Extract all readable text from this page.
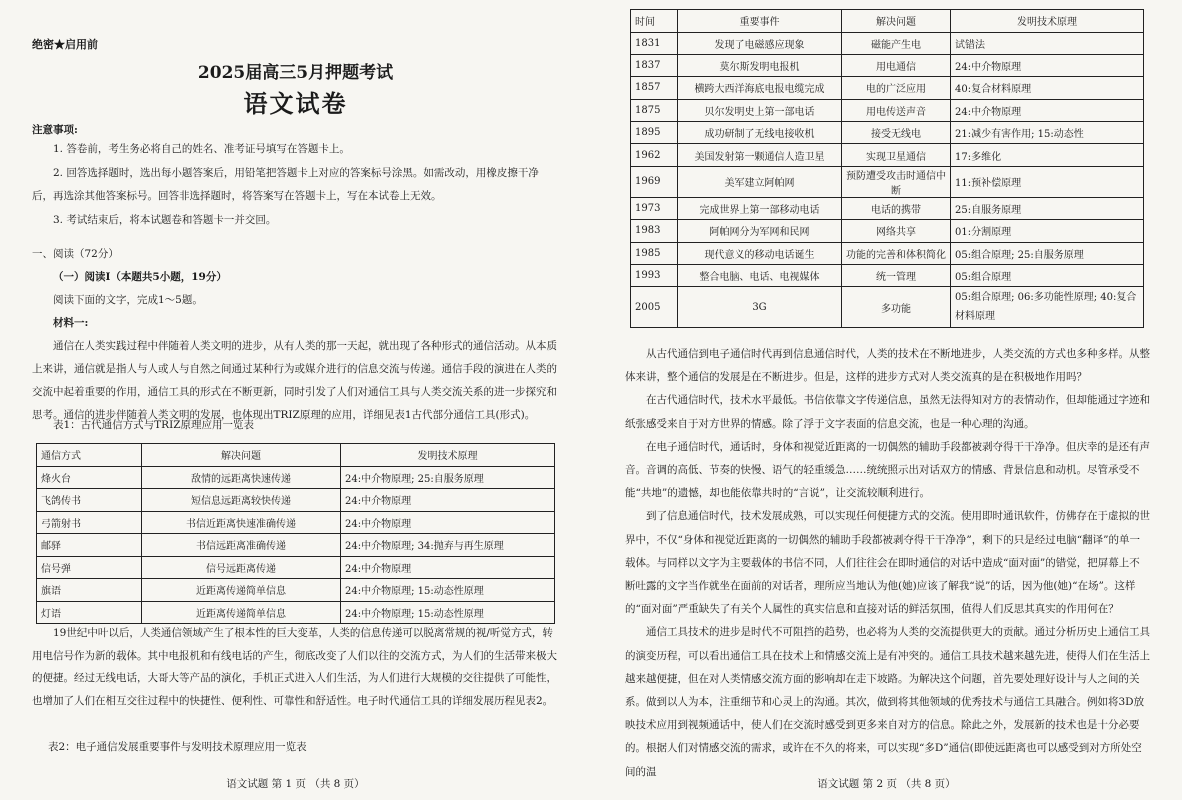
绝密★启用前
2025届高三5月押题考试
语文试卷
注意事项:

1. 答卷前，考生务必将自己的姓名、准考证号填写在答题卡上。

2. 回答选择题时，选出每小题答案后，用铅笔把答题卡上对应的答案标号涂黑。如需改动，用橡皮擦干净后，再选涂其他答案标号。回答非选择题时，将答案写在答题卡上，写在本试卷上无效。

3. 考试结束后，将本试题卷和答题卡一并交回。

一、阅读（72分）

（一）阅读Ⅰ（本题共5小题，19分）

阅读下面的文字，完成1～5题。

材料一:

通信在人类实践过程中伴随着人类文明的进步，从有人类的那一天起，就出现了各种形式的通信活动。从本质上来讲，通信就是指人与人或人与自然之间通过某种行为或媒介进行的信息交流与传递。通信手段的演进在人类的交流中起着重要的作用，通信工具的形式在不断更新，同时引发了人们对通信工具与人类交流关系的进一步探究和思考。通信的进步伴随着人类文明的发展，也体现出TRIZ原理的应用，详细见表1古代部分通信工具(形式)。

表1：古代通信方式与TRIZ原理应用一览表
通信方式	解决问题	发明技术原理
烽火台	敌情的远距离快速传递	24:中介物原理; 25:自服务原理
飞鸽传书	短信息远距离较快传递	24:中介物原理
弓箭射书	书信近距离快速准确传递	24:中介物原理
邮驿	书信远距离准确传递	24:中介物原理; 34:抛弃与再生原理
信号弹	信号远距离传递	24:中介物原理
旗语	近距离传递简单信息	24:中介物原理; 15:动态性原理
灯语	近距离传递简单信息	24:中介物原理; 15:动态性原理

19世纪中叶以后，人类通信领域产生了根本性的巨大变革，人类的信息传递可以脱离常规的视/听觉方式，转用电信号作为新的载体。其中电报机和有线电话的产生，彻底改变了人们以往的交流方式，为人们的生活带来极大的便捷。经过无线电话，大哥大等产品的演化，手机正式进入人们生活，为人们进行大规模的交往提供了可能性，也增加了人们在相互交往过程中的快捷性、便利性、可靠性和舒适性。电子时代通信工具的详细发展历程见表2。

表2：电子通信发展重要事件与发明技术原理应用一览表
语文试题 第 1 页 （共 8 页）
时间	重要事件	解决问题	发明技术原理
1831	发现了电磁感应现象	磁能产生电	试错法
1837	莫尔斯发明电报机	用电通信	24:中介物原理
1857	横跨大西洋海底电报电缆完成	电的广泛应用	40:复合材料原理
1875	贝尔发明史上第一部电话	用电传送声音	24:中介物原理
1895	成功研制了无线电接收机	接受无线电	21:减少有害作用; 15:动态性
1962	美国发射第一颗通信人造卫星	实现卫星通信	17:多维化
1969	美军建立阿帕网	预防遭受攻击时通信中断	11:预补偿原理
1973	完成世界上第一部移动电话	电话的携带	25:自服务原理
1983	阿帕网分为军网和民网	网络共享	01:分割原理
1985	现代意义的移动电话诞生	功能的完善和体积简化	05:组合原理; 25:自服务原理
1993	整合电脑、电话、电视媒体	统一管理	05:组合原理
2005	3G	多功能	05:组合原理; 06:多功能性原理; 40:复合材料原理

从古代通信到电子通信时代再到信息通信时代，人类的技术在不断地进步，人类交流的方式也多种多样。从整体来讲，整个通信的发展是在不断进步。但是，这样的进步方式对人类交流真的是在积极地作用吗？

在古代通信时代，技术水平最低。书信依靠文字传递信息，虽然无法得知对方的表情动作，但却能通过字迹和纸张感受来自于对方世界的情感。除了浮于文字表面的信息交流，也是一种心理的沟通。

在电子通信时代，通话时，身体和视觉近距离的一切偶然的辅助手段都被剥夺得干干净净。但庆幸的是还有声音。音调的高低、节奏的快慢、语气的轻重缓急……统统照示出对话双方的情感、背景信息和动机。尽管承受不能“共地”的遗憾，却也能依靠共时的“言说”，让交流较顺利进行。

到了信息通信时代，技术发展成熟，可以实现任何便捷方式的交流。使用即时通讯软件，仿佛存在于虚拟的世界中，不仅“身体和视觉近距离的一切偶然的辅助手段都被剥夺得干干净净”，剩下的只是经过电脑“翻译”的单一载体。与同样以文字为主要载体的书信不同，人们往往会在即时通信的对话中造成“面对面”的错觉，把屏幕上不断吐露的文字当作就坐在面前的对话者，理所应当地认为他(她)应该了解我“说”的话，因为他(她)“在场”。这样的“面对面”严重缺失了有关个人属性的真实信息和直接对话的鲜活氛围，值得人们反思其真实的作用何在？

通信工具技术的进步是时代不可阻挡的趋势，也必将为人类的交流提供更大的贡献。通过分析历史上通信工具的演变历程，可以看出通信工具在技术上和情感交流上是有冲突的。通信工具技术越来越先进，使得人们在生活上越来越便捷，但在对人类情感交流方面的影响却在走下坡路。为解决这个问题，首先要处理好设计与人之间的关系。做到以人为本，注重细节和心灵上的沟通。其次，做到将其他领域的优秀技术与通信工具融合。例如将3D放映技术应用到视频通话中，使人们在交流时感受到更多来自对方的信息。除此之外，发展新的技术也是十分必要的。根据人们对情感交流的需求，或许在不久的将来，可以实现“多D”通信(即使远距离也可以感受到对方所处空间的温

语文试题 第 2 页 （共 8 页）
